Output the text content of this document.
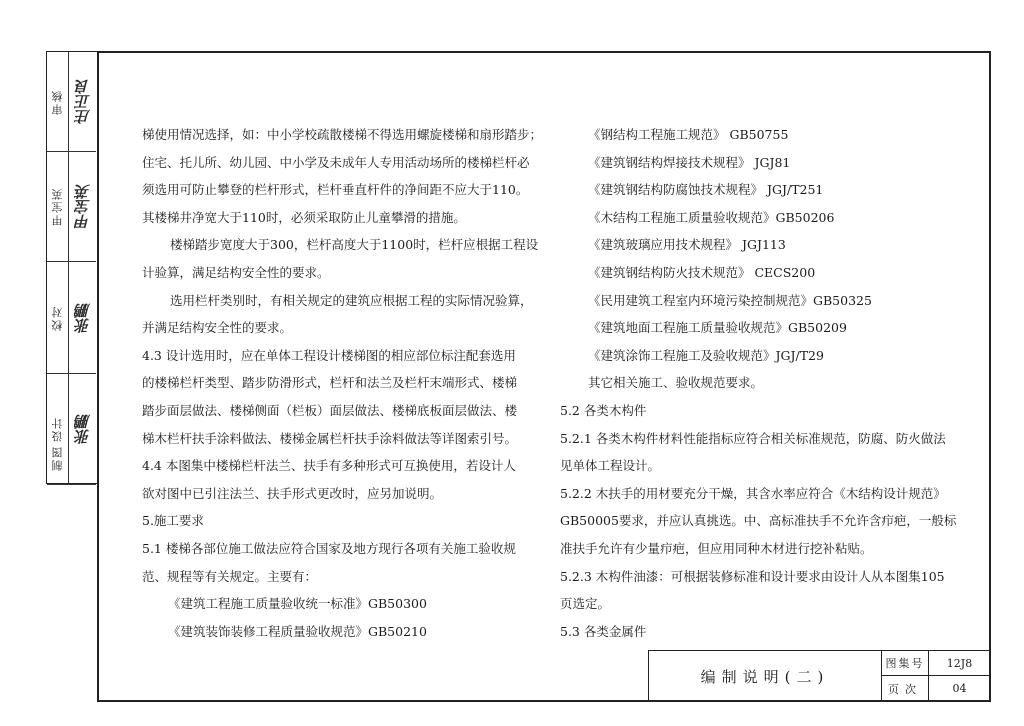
审核 庄正良
甲宝英 甲宝英
校对 张鹏
设计 张鹏
制图
梯使用情况选择，如：中小学校疏散楼梯不得选用螺旋楼梯和扇形踏步；
住宅、托儿所、幼儿园、中小学及未成年人专用活动场所的楼梯栏杆必
须选用可防止攀登的栏杆形式，栏杆垂直杆件的净间距不应大于110。
其楼梯井净宽大于110时，必须采取防止儿童攀滑的措施。
楼梯踏步宽度大于300，栏杆高度大于1100时，栏杆应根据工程设
计验算，满足结构安全性的要求。
选用栏杆类别时，有相关规定的建筑应根据工程的实际情况验算，
并满足结构安全性的要求。
4.3 设计选用时，应在单体工程设计楼梯图的相应部位标注配套选用
的楼梯栏杆类型、踏步防滑形式，栏杆和法兰及栏杆末端形式、楼梯
踏步面层做法、楼梯侧面（栏板）面层做法、楼梯底板面层做法、楼
梯木栏杆扶手涂料做法、楼梯金属栏杆扶手涂料做法等详图索引号。
4.4 本图集中楼梯栏杆法兰、扶手有多种形式可互换使用，若设计人
欲对图中已引注法兰、扶手形式更改时，应另加说明。
5.施工要求
5.1 楼梯各部位施工做法应符合国家及地方现行各项有关施工验收规
范、规程等有关规定。主要有：
《建筑工程施工质量验收统一标准》GB50300
《建筑装饰装修工程质量验收规范》GB50210
《钢结构工程施工规范》 GB50755
《建筑钢结构焊接技术规程》 JGJ81
《建筑钢结构防腐蚀技术规程》 JGJ/T251
《木结构工程施工质量验收规范》GB50206
《建筑玻璃应用技术规程》 JGJ113
《建筑钢结构防火技术规范》 CECS200
《民用建筑工程室内环境污染控制规范》GB50325
《建筑地面工程施工质量验收规范》GB50209
《建筑涂饰工程施工及验收规范》JGJ/T29
其它相关施工、验收规范要求。
5.2 各类木构件
5.2.1 各类木构件材料性能指标应符合相关标准规范，防腐、防火做法
见单体工程设计。
5.2.2 木扶手的用材要充分干燥，其含水率应符合《木结构设计规范》
GB50005要求，并应认真挑选。中、高标准扶手不允许含疖疤，一般标
准扶手允许有少量疖疤，但应用同种木材进行挖补粘贴。
5.2.3 木构件油漆：可根据装修标准和设计要求由设计人从本图集105
页选定。
5.3 各类金属件
编制说明(二)
图集号	12J8
页次	04
